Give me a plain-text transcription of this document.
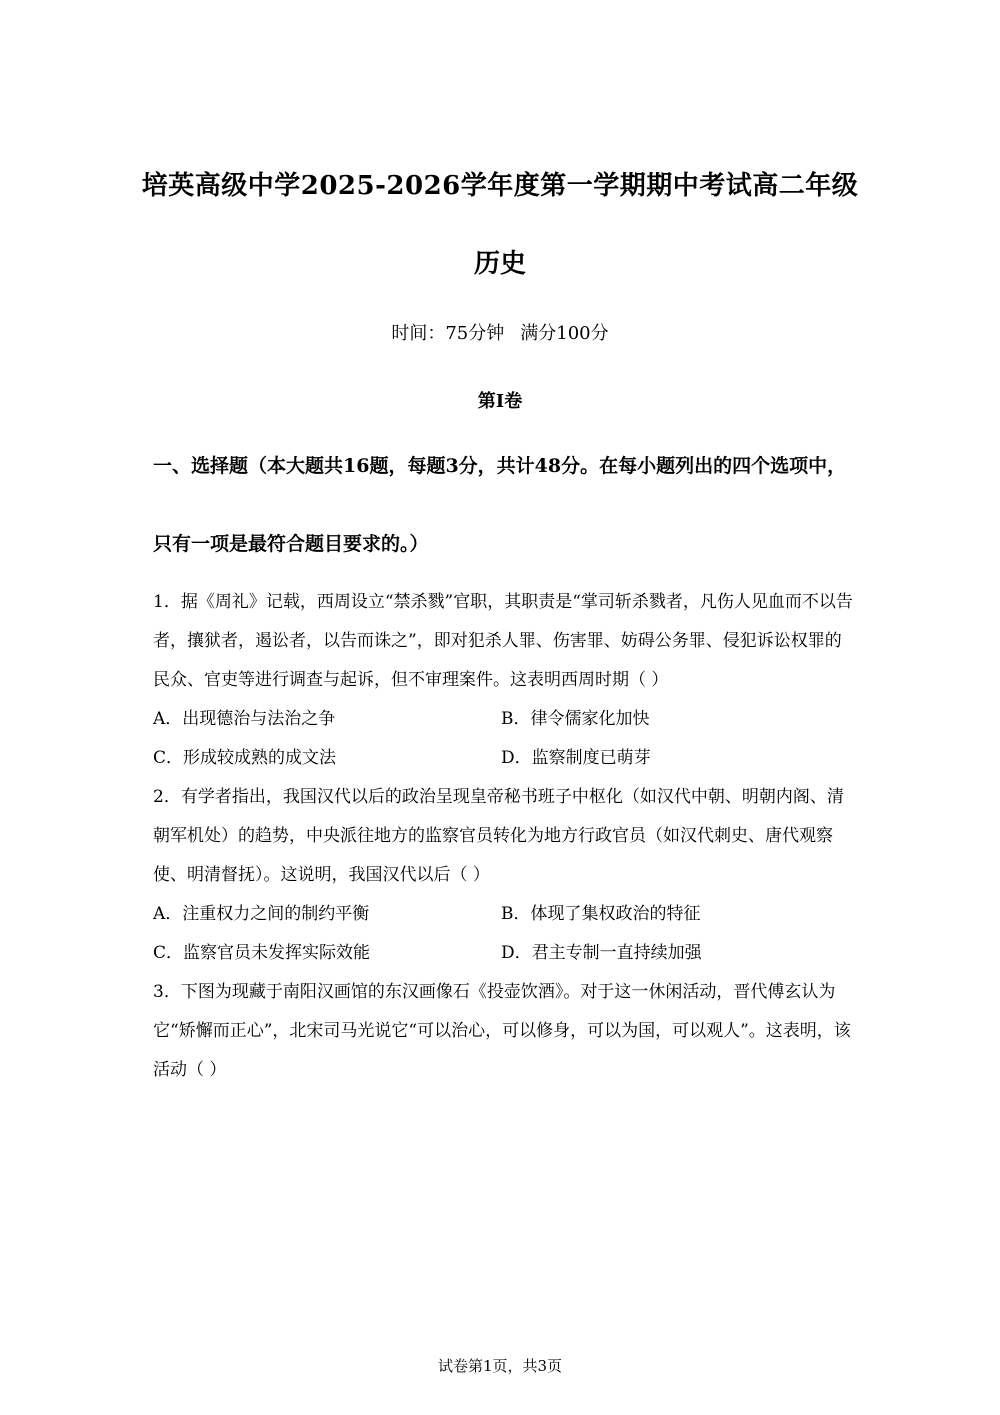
培英高级中学2025-2026学年度第一学期期中考试高二年级
历史
时间：75分钟 满分100分
第I卷
一、选择题（本大题共16题，每题3分，共计48分。在每小题列出的四个选项中，只有一项是最符合题目要求的。）
1．据《周礼》记载，西周设立“禁杀戮”官职，其职责是“掌司斩杀戮者，凡伤人见血而不以告者，攘狱者，遏讼者，以告而诛之”，即对犯杀人罪、伤害罪、妨碍公务罪、侵犯诉讼权罪的民众、官吏等进行调查与起诉，但不审理案件。这表明西周时期（ ）
A．出现德治与法治之争	B．律令儒家化加快
C．形成较成熟的成文法	D．监察制度已萌芽
2．有学者指出，我国汉代以后的政治呈现皇帝秘书班子中枢化（如汉代中朝、明朝内阁、清朝军机处）的趋势，中央派往地方的监察官员转化为地方行政官员（如汉代刺史、唐代观察使、明清督抚）。这说明，我国汉代以后（ ）
A．注重权力之间的制约平衡	B．体现了集权政治的特征
C．监察官员未发挥实际效能	D．君主专制一直持续加强
3．下图为现藏于南阳汉画馆的东汉画像石《投壶饮酒》。对于这一休闲活动，晋代傅玄认为它“矫懈而正心”，北宋司马光说它“可以治心，可以修身，可以为国，可以观人”。这表明，该活动（ ）
试卷第1页，共3页
